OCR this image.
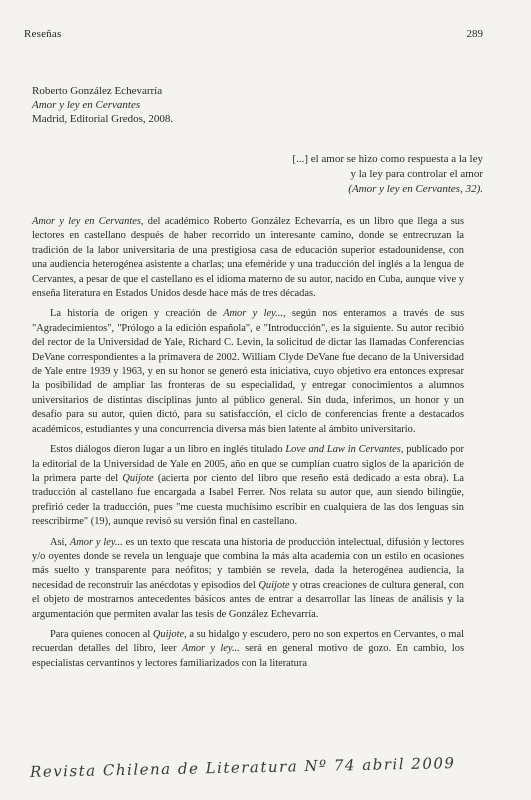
Reseñas	289
Roberto González Echevarría
Amor y ley en Cervantes
Madrid, Editorial Gredos, 2008.
[...] el amor se hizo como respuesta a la ley
y la ley para controlar el amor
(Amor y ley en Cervantes, 32).

Amor y ley en Cervantes, del académico Roberto González Echevarría, es un libro que llega a sus lectores en castellano después de haber recorrido un interesante camino, donde se entrecruzan la tradición de la labor universitaria de una prestigiosa casa de educación superior estadounidense, con una audiencia heterogénea asistente a charlas; una efeméride y una traducción del inglés a la lengua de Cervantes, a pesar de que el castellano es el idioma materno de su autor, nacido en Cuba, aunque vive y enseña literatura en Estados Unidos desde hace más de tres décadas.

La historia de origen y creación de Amor y ley..., según nos enteramos a través de sus "Agradecimientos", "Prólogo a la edición española", e "Introducción", es la siguiente. Su autor recibió del rector de la Universidad de Yale, Richard C. Levin, la solicitud de dictar las llamadas Conferencias DeVane correspondientes a la primavera de 2002. William Clyde DeVane fue decano de la Universidad de Yale entre 1939 y 1963, y en su honor se generó esta iniciativa, cuyo objetivo era entonces expresar la posibilidad de ampliar las fronteras de su especialidad, y entregar conocimientos a alumnos universitarios de distintas disciplinas junto al público general. Sin duda, inferimos, un honor y un desafío para su autor, quien dictó, para su satisfacción, el ciclo de conferencias frente a destacados académicos, estudiantes y una concurrencia diversa más bien latente al ámbito universitario.

Estos diálogos dieron lugar a un libro en inglés titulado Love and Law in Cervantes, publicado por la editorial de la Universidad de Yale en 2005, año en que se cumplían cuatro siglos de la aparición de la primera parte del Quijote (acierta por ciento del libro que reseño está dedicado a esta obra). La traducción al castellano fue encargada a Isabel Ferrer. Nos relata su autor que, aun siendo bilingüe, prefirió ceder la traducción, pues "me cuesta muchísimo escribir en cualquiera de las dos lenguas sin reescribirme" (19), aunque revisó su versión final en castellano.

Así, Amor y ley... es un texto que rescata una historia de producción intelectual, difusión y lectores y/o oyentes donde se revela un lenguaje que combina la más alta academia con un estilo en ocasiones más suelto y transparente para neófitos; y también se revela, dada la heterogénea audiencia, la necesidad de reconstruir las anécdotas y episodios del Quijote y otras creaciones de cultura general, con el objeto de mostrarnos antecedentes básicos antes de entrar a desarrollar las líneas de análisis y la argumentación que permiten avalar las tesis de González Echevarría.

Para quienes conocen al Quijote, a su hidalgo y escudero, pero no son expertos en Cervantes, o mal recuerdan detalles del libro, leer Amor y ley... será en general motivo de gozo. En cambio, los especialistas cervantinos y lectores familiarizados con la literatura

Revista Chilena de Literatura Nº 74 abril 2009
